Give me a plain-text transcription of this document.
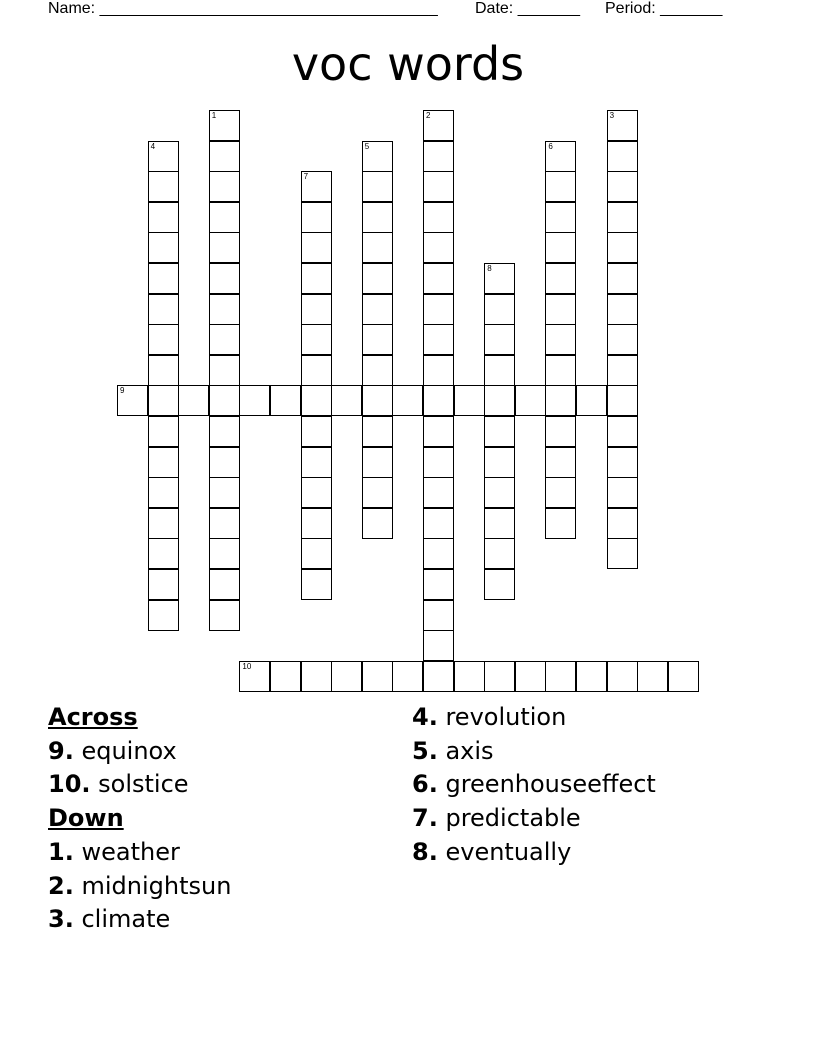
Name: ______________________________________ Date: _______ Period: _______
voc words
9
10
1	2	3
4	5	6
7
8
Across
9. equinox
10. solstice
Down
1. weather
2. midnightsun
3. climate
4. revolution
5. axis
6. greenhouseeffect
7. predictable
8. eventually
